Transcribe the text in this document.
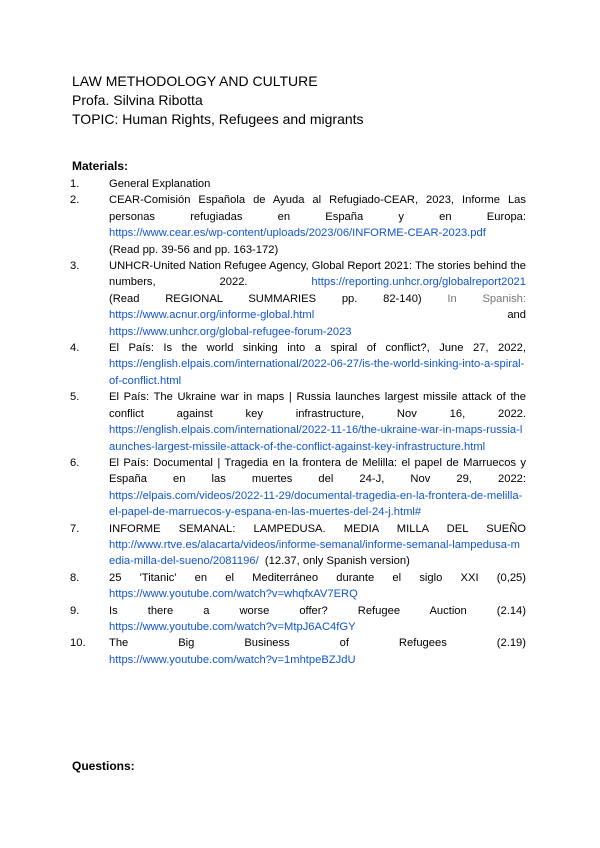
LAW METHODOLOGY AND CULTURE
Profa. Silvina Ribotta
TOPIC: Human Rights, Refugees and migrants
Materials:
1.	General Explanation
2.	CEAR-Comisión Española de Ayuda al Refugiado-CEAR, 2023, Informe Las personas refugiadas en España y en Europa:
https://www.cear.es/wp-content/uploads/2023/06/INFORME-CEAR-2023.pdf
(Read pp. 39-56 and pp. 163-172)
3.	UNHCR-United Nation Refugee Agency, Global Report 2021: The stories behind the numbers, 2022.	https://reporting.unhcr.org/globalreport2021
(Read REGIONAL SUMMARIES pp. 82-140) In Spanish:
https://www.acnur.org/informe-global.html	and
https://www.unhcr.org/global-refugee-forum-2023
4.	El País: Is the world sinking into a spiral of conflict?, June 27, 2022,
https://english.elpais.com/international/2022-06-27/is-the-world-sinking-into-a-spiral-of-conflict.html
5.	El País: The Ukraine war in maps | Russia launches largest missile attack of the conflict against key infrastructure, Nov 16, 2022.
https://english.elpais.com/international/2022-11-16/the-ukraine-war-in-maps-russia-launches-largest-missile-attack-of-the-conflict-against-key-infrastructure.html
6.	El País: Documental | Tragedia en la frontera de Melilla: el papel de Marruecos y España en las muertes del 24-J, Nov 29, 2022:
https://elpais.com/videos/2022-11-29/documental-tragedia-en-la-frontera-de-melilla-el-papel-de-marruecos-y-espana-en-las-muertes-del-24-j.html#
7.	INFORME SEMANAL: LAMPEDUSA. MEDIA MILLA DEL SUEÑO
http://www.rtve.es/alacarta/videos/informe-semanal/informe-semanal-lampedusa-media-milla-del-sueno/2081196/ (12.37, only Spanish version)
8.	25 'Titanic' en el Mediterráneo durante el siglo XXI (0,25)
https://www.youtube.com/watch?v=whqfxAV7ERQ
9.	Is there a worse offer? Refugee Auction (2.14)
https://www.youtube.com/watch?v=MtpJ6AC4fGY
10. The Big Business of Refugees (2.19)
https://www.youtube.com/watch?v=1mhtpeBZJdU
Questions:
